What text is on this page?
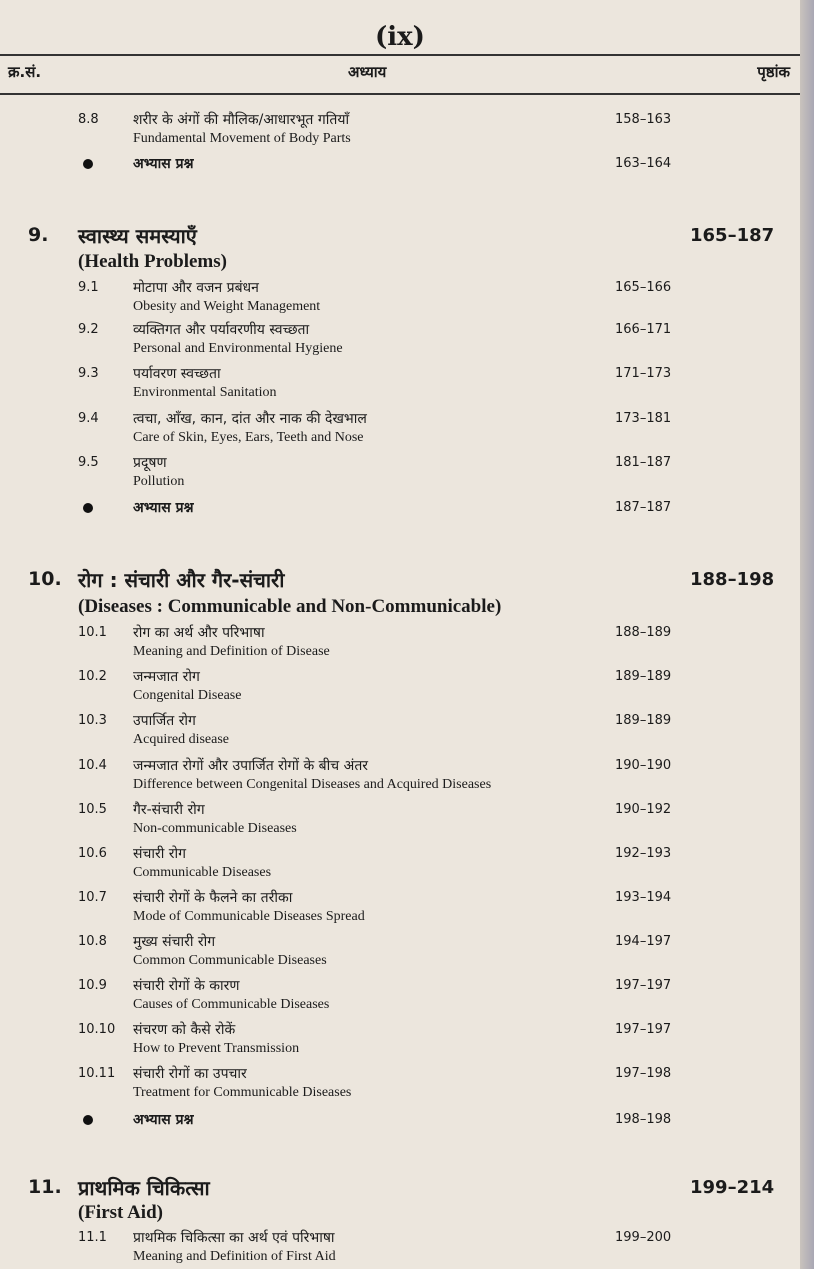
(ix)
क्र.सं.	अध्याय	पृष्ठांक
8.8 शरीर के अंगों की मौलिक/आधारभूत गतियाँ
Fundamental Movement of Body Parts
158–163
अभ्यास प्रश्न	163–164
9. स्वास्थ्य समस्याएँ	165–187
(Health Problems)
9.1 मोटापा और वजन प्रबंधन
Obesity and Weight Management
165–166
9.2 व्यक्तिगत और पर्यावरणीय स्वच्छता
Personal and Environmental Hygiene
166–171
9.3 पर्यावरण स्वच्छता
Environmental Sanitation
171–173
9.4 त्वचा, आँख, कान, दांत और नाक की देखभाल
Care of Skin, Eyes, Ears, Teeth and Nose
173–181
9.5 प्रदूषण
Pollution
181–187
अभ्यास प्रश्न	187–187
10. रोग : संचारी और गैर-संचारी	188–198
(Diseases : Communicable and Non-Communicable)
10.1 रोग का अर्थ और परिभाषा
Meaning and Definition of Disease
188–189
10.2 जन्मजात रोग
Congenital Disease
189–189
10.3 उपार्जित रोग
Acquired disease
189–189
10.4 जन्मजात रोगों और उपार्जित रोगों के बीच अंतर
Difference between Congenital Diseases and Acquired Diseases
190–190
10.5 गैर-संचारी रोग
Non-communicable Diseases
190–192
10.6 संचारी रोग
Communicable Diseases
192–193
10.7 संचारी रोगों के फैलने का तरीका
Mode of Communicable Diseases Spread
193–194
10.8 मुख्य संचारी रोग
Common Communicable Diseases
194–197
10.9 संचारी रोगों के कारण
Causes of Communicable Diseases
197–197
10.10 संचरण को कैसे रोकें
How to Prevent Transmission
197–197
10.11 संचारी रोगों का उपचार
Treatment for Communicable Diseases
197–198
अभ्यास प्रश्न	198–198
11. प्राथमिक चिकित्सा	199–214
(First Aid)
11.1 प्राथमिक चिकित्सा का अर्थ एवं परिभाषा
Meaning and Definition of First Aid
199–200
